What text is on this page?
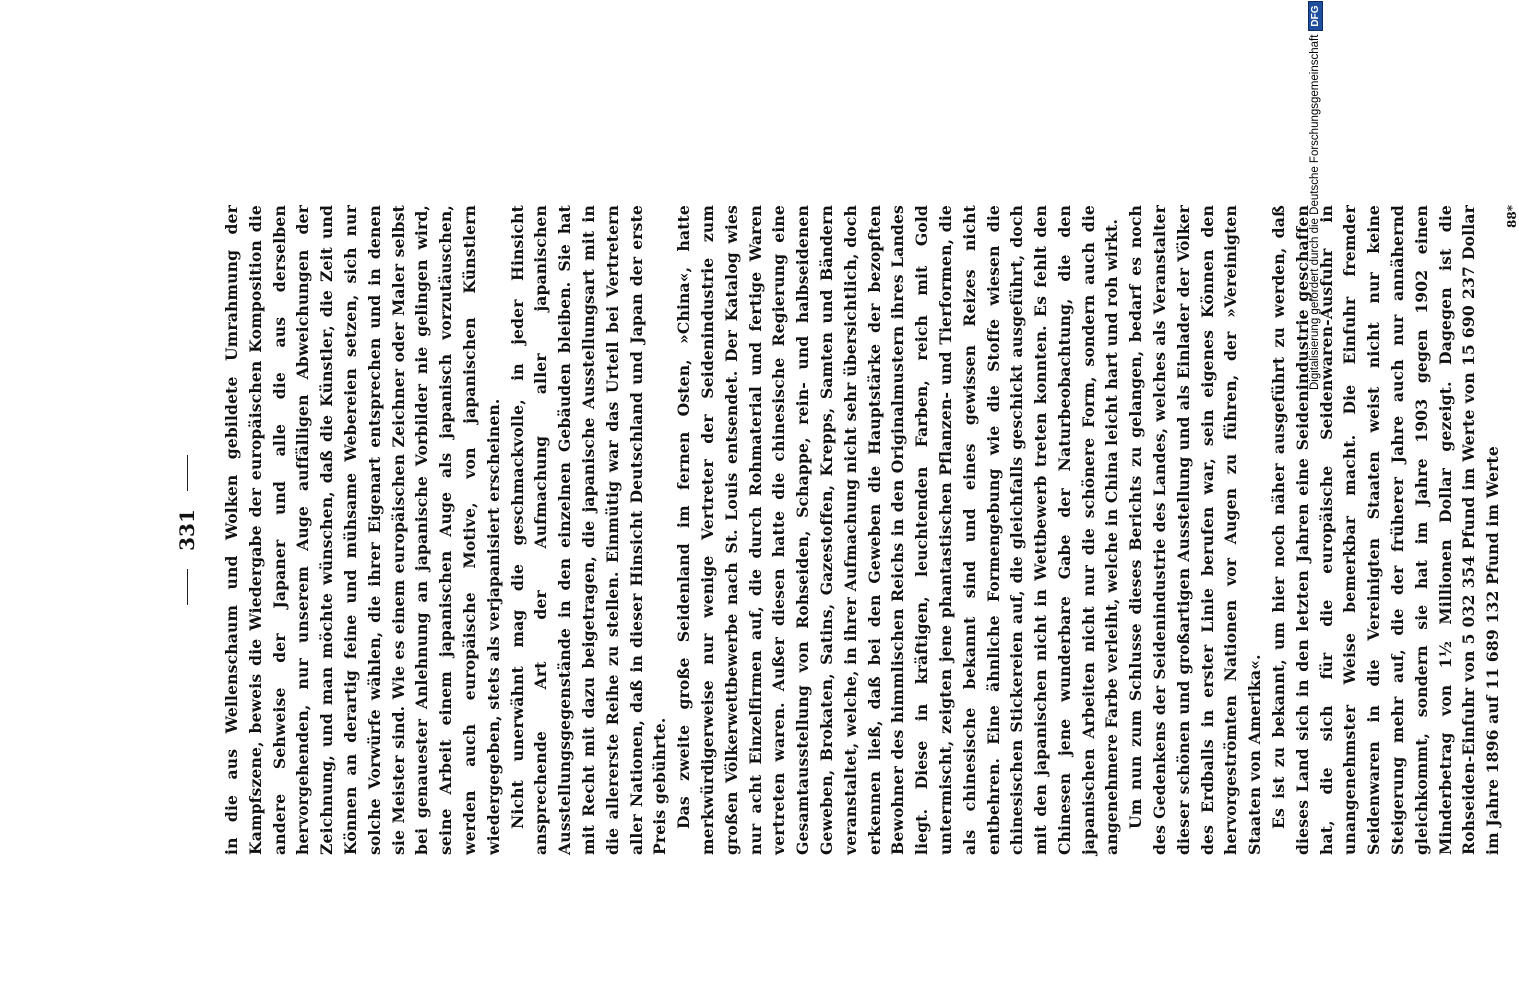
331 in die aus Wellenschaum und Wolken gebildete Umrahmung der Kampfszene, beweis die Wiedergabe der europäischen Komposition die andere Sehweise der Japaner und alle die aus derselben hervorgehenden, nur unserem Auge auffälligen Abweichungen der Zeichnung, und man möchte wünschen, daß die Künstler, die Zeit und Können an derartig feine und mühsame Webereien setzen, sich nur solche Vorwürfe wählen, die ihrer Eigenart entsprechen und in denen sie Meister sind. Wie es einem europäischen Zeichner oder Maler selbst bei genauester Anlehnung an japanische Vorbilder nie gelingen wird, seine Arbeit einem japanischen Auge als japanisch vorzutäuschen, werden auch europäische Motive, von japanischen Künstlern wiedergegeben, stets als verjapanisiert erscheinen. Nicht unerwähnt mag die geschmackvolle, in jeder Hinsicht ansprechende Art der Aufmachung aller japanischen Ausstellungsgegenstände in den einzelnen Gebäuden bleiben. Sie hat mit Recht mit dazu beigetragen, die japanische Ausstellungsart mit in die allererste Reihe zu stellen. Einmütig war das Urteil bei Vertretern aller Nationen, daß in dieser Hinsicht Deutschland und Japan der erste Preis gebührte. Das zweite große Seidenland im fernen Osten, »China«, hatte merkwürdigerweise nur wenige Vertreter der Seidenindustrie zum großen Völkerwettbewerbe nach St. Louis entsendet. Der Katalog wies nur acht Einzelfirmen auf, die durch Rohmaterial und fertige Waren vertreten waren. Außer diesen hatte die chinesische Regierung eine Gesamtausstellung von Rohseiden, Schappe, rein- und halbseidenen Geweben, Brokaten, Satins, Gazestoffen, Krepps, Samten und Bändern veranstaltet, welche, in ihrer Aufmachung nicht sehr übersichtlich, doch erkennen ließ, daß bei den Geweben die Hauptstärke der bezopften Bewohner des himmlischen Reichs in den Originalmustern ihres Landes liegt. Diese in kräftigen, leuchtenden Farben, reich mit Gold untermischt, zeigten jene phantastischen Pflanzen- und Tierformen, die als chinesische bekannt sind und eines gewissen Reizes nicht entbehren. Eine ähnliche Formengebung wie die Stoffe wiesen die chinesischen Stickereien auf, die gleichfalls geschickt ausgeführt, doch mit den japanischen nicht in Wettbewerb treten konnten. Es fehlt den Chinesen jene wunderbare Gabe der Naturbeobachtung, die den japanischen Arbeiten nicht nur die schönere Form, sondern auch die angenehmere Farbe verleiht, welche in China leicht hart und roh wirkt. Um nun zum Schlusse dieses Berichts zu gelangen, bedarf es noch des Gedenkens der Seidenindustrie des Landes, welches als Veranstalter dieser schönen und großartigen Ausstellung und als Einlader der Völker des Erdballs in erster Linie berufen war, sein eigenes Können den hervorgeströmten Nationen vor Augen zu führen, der »Vereinigten Staaten von Amerika«. Es ist zu bekannt, um hier noch näher ausgeführt zu werden, daß dieses Land sich in den letzten Jahren eine Seidenindustrie geschaffen hat, die sich für die europäische Seidenwaren-Ausfuhr in unangenehmster Weise bemerkbar macht. Die Einfuhr fremder Seidenwaren in die Vereinigten Staaten weist nicht nur keine Steigerung mehr auf, die der früherer Jahre auch nur annähernd gleichkommt, sondern sie hat im Jahre 1903 gegen 1902 einen Minderbetrag von 1½ Millionen Dollar gezeigt. Dagegen ist die Rohseiden-Einfuhr von 5 032 354 Pfund im Werte von 15 690 237 Dollar im Jahre 1896 auf 11 689 132 Pfund im Werte

88*
Digitalisierung gefördert durch die Deutsche Forschungsgemeinschaft
DFG
